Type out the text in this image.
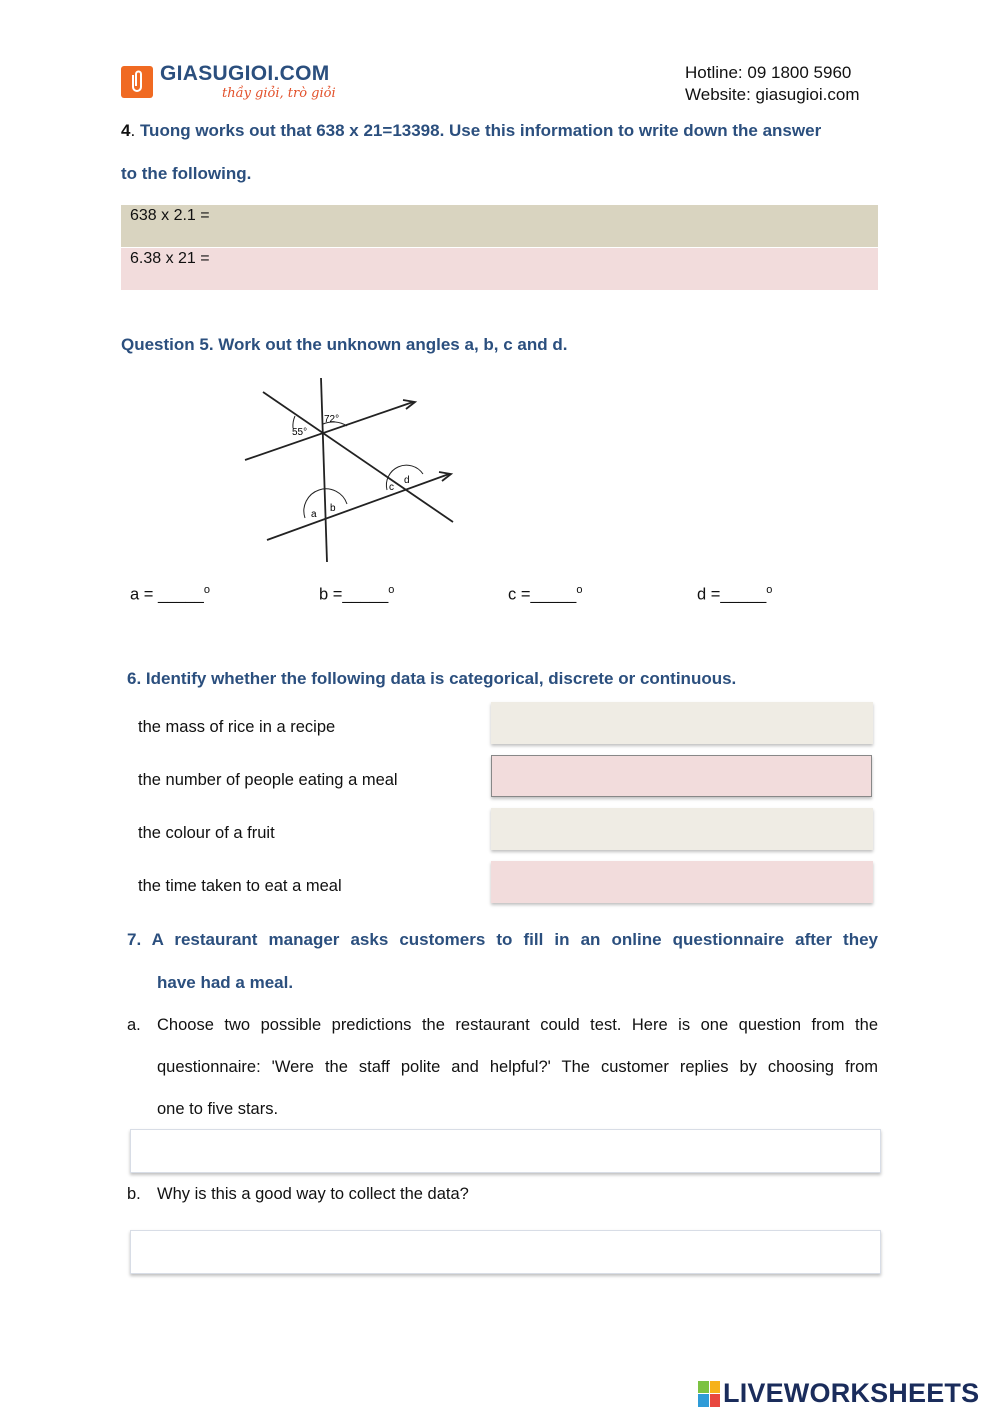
GIASUGIOI.COM
thầy giỏi, trò giỏi
Hotline: 09 1800 5960
Website: giasugioi.com
4. Tuong works out that 638 x 21=13398. Use this information to write down the answer
to the following.
638 x 2.1 =
6.38 x 21 =
Question 5. Work out the unknown angles a, b, c and d.
72°
55°
a
b
c
d
a = _____$^o$	b =_____$^o$	c =_____$^o$	d =_____$^o$
6. Identify whether the following data is categorical, discrete or continuous.
the mass of rice in a recipe
the number of people eating a meal
the colour of a fruit
the time taken to eat a meal
7. A restaurant manager asks customers to fill in an online questionnaire after they
have had a meal.
a. Choose two possible predictions the restaurant could test. Here is one question from the
questionnaire: 'Were the staff polite and helpful?' The customer replies by choosing from
one to five stars.
b. Why is this a good way to collect the data?
LIVEWORKSHEETS
